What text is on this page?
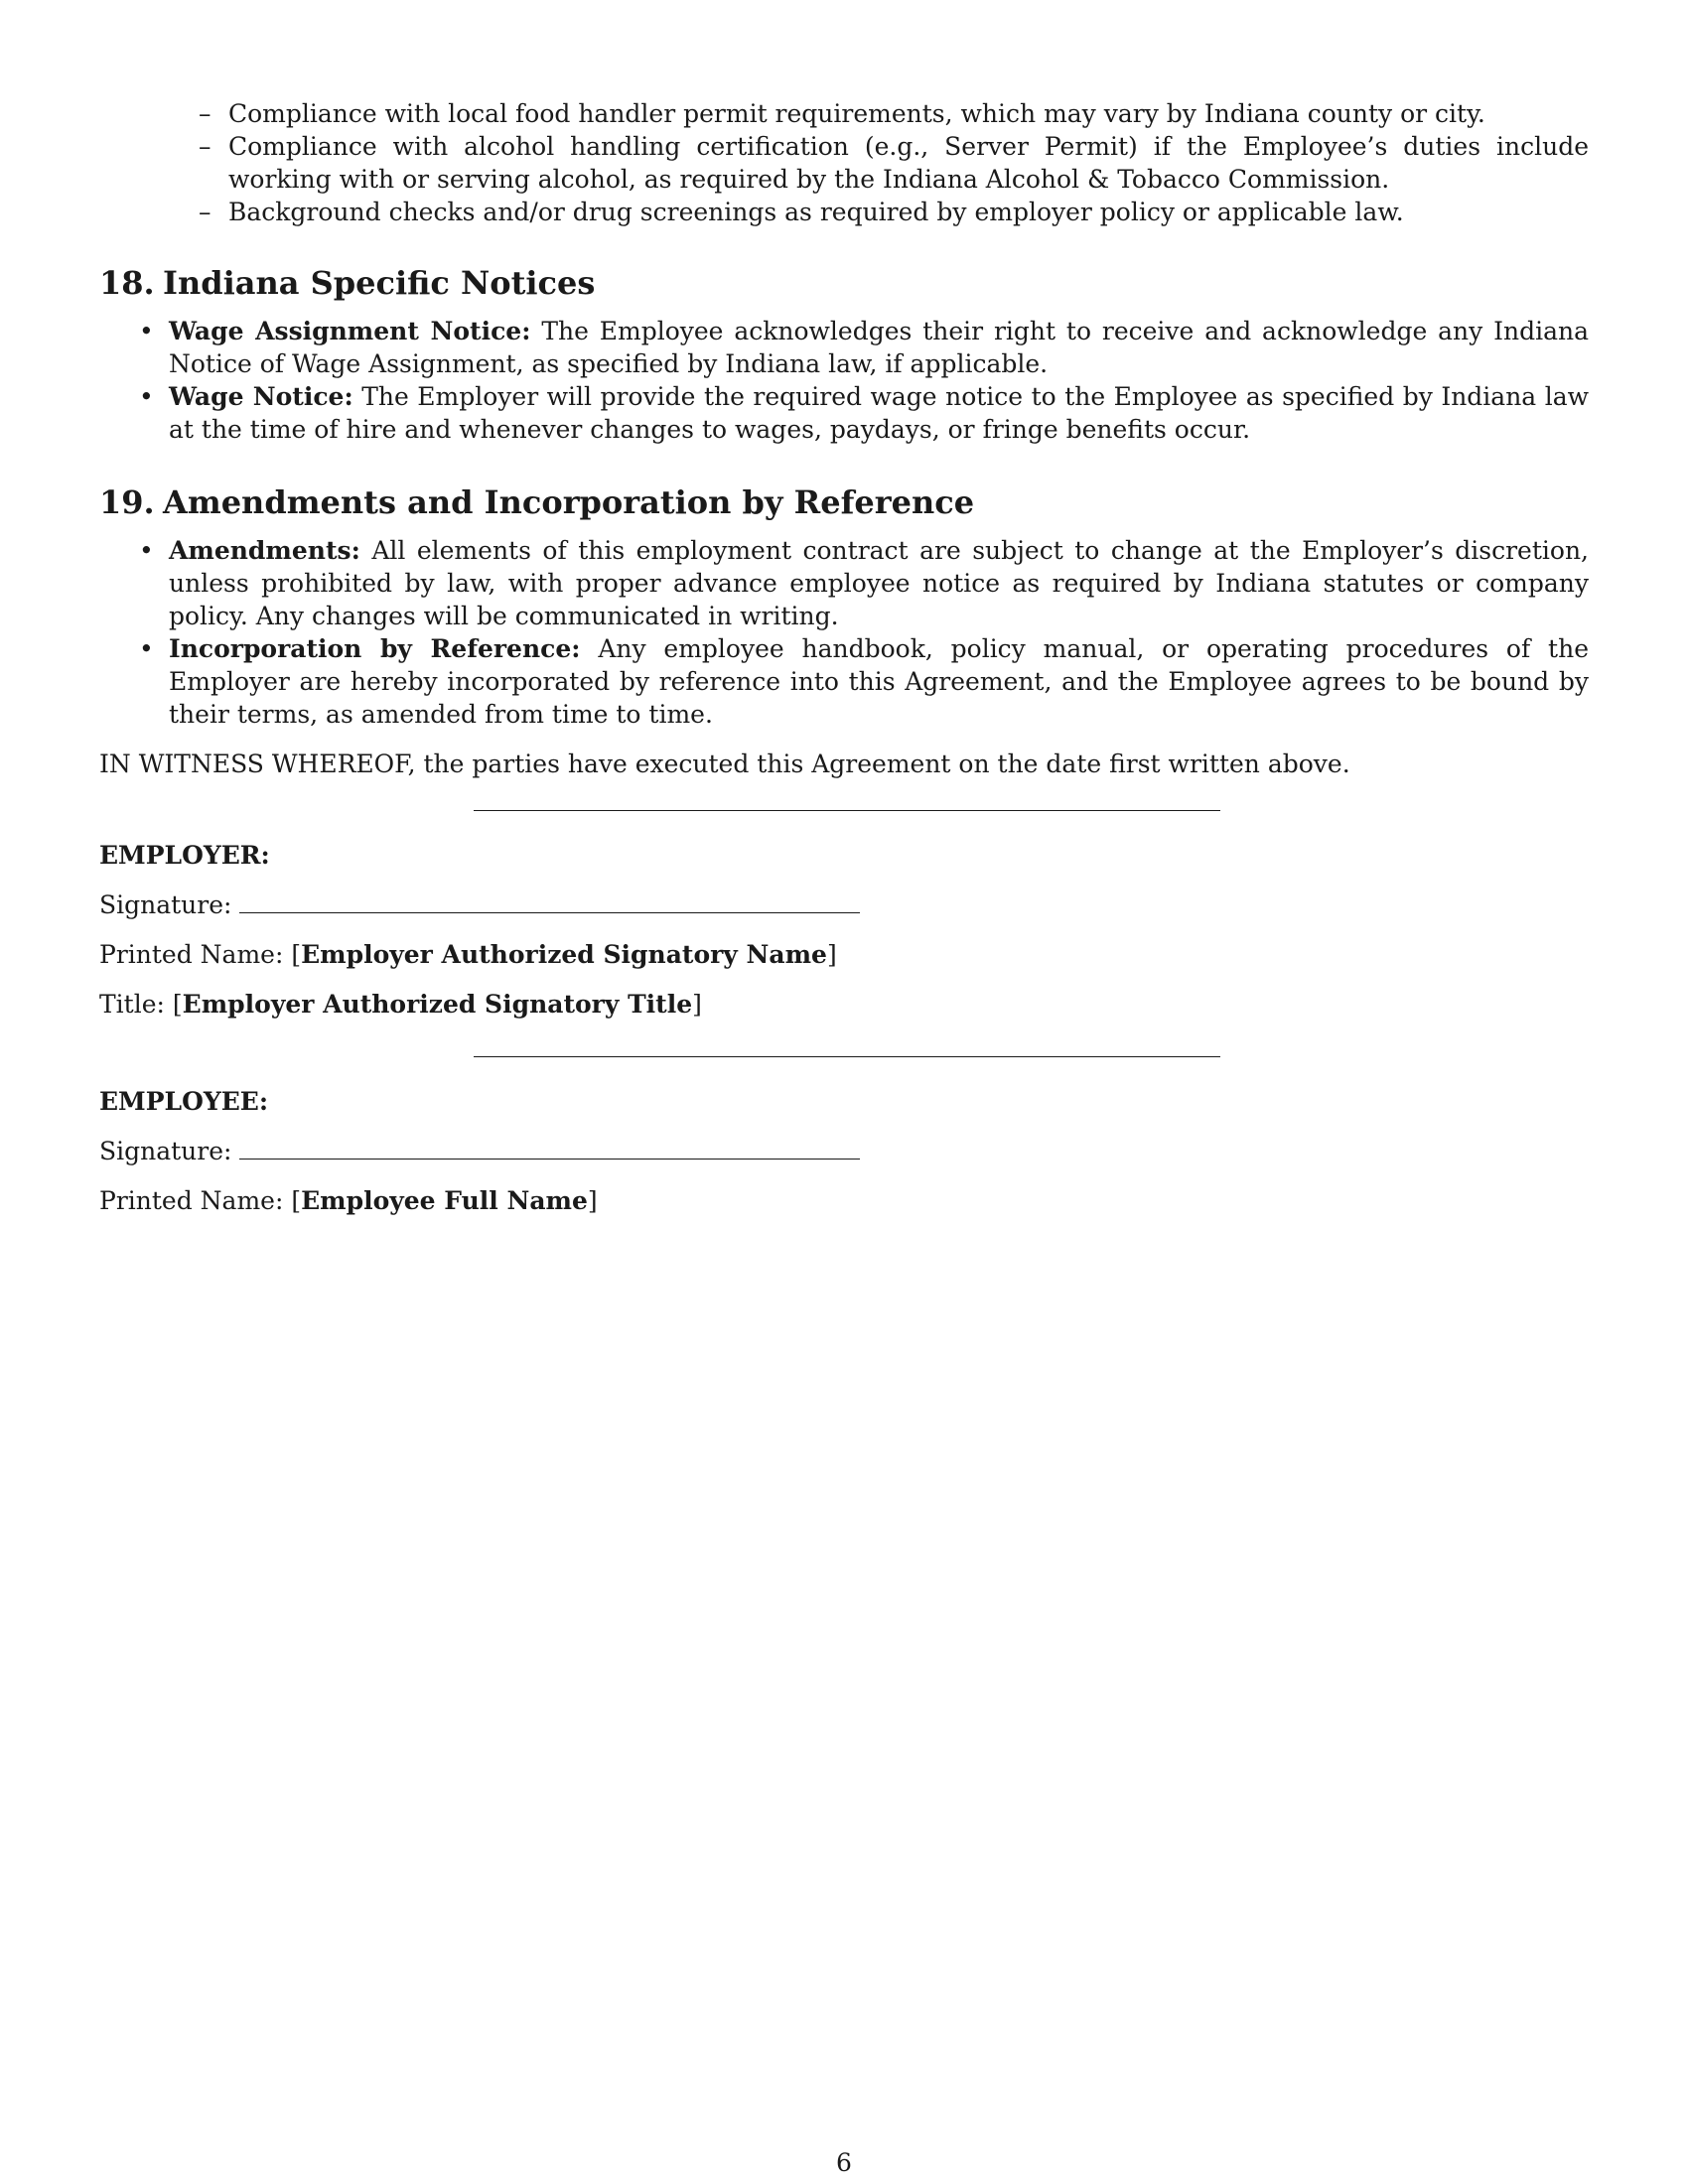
– Compliance with local food handler permit requirements, which may vary by Indiana county or city.
– Compliance with alcohol handling certification (e.g., Server Permit) if the Employee’s duties include working with or serving alcohol, as required by the Indiana Alcohol & Tobacco Commission.
– Background checks and/or drug screenings as required by employer policy or applicable law.
18. Indiana Specific Notices
• Wage Assignment Notice: The Employee acknowledges their right to receive and acknowledge any Indiana Notice of Wage Assignment, as specified by Indiana law, if applicable.
• Wage Notice: The Employer will provide the required wage notice to the Employee as specified by Indiana law at the time of hire and whenever changes to wages, paydays, or fringe benefits occur.
19. Amendments and Incorporation by Reference
• Amendments: All elements of this employment contract are subject to change at the Employer’s discretion, unless prohibited by law, with proper advance employee notice as required by Indiana statutes or company policy. Any changes will be communicated in writing.
• Incorporation by Reference: Any employee handbook, policy manual, or operating procedures of the Employer are hereby incorporated by reference into this Agreement, and the Employee agrees to be bound by their terms, as amended from time to time.

IN WITNESS WHEREOF, the parties have executed this Agreement on the date first written above.

EMPLOYER:
Signature:
Printed Name: [Employer Authorized Signatory Name]
Title: [Employer Authorized Signatory Title]
EMPLOYEE:
Signature:
Printed Name: [Employee Full Name]
6
